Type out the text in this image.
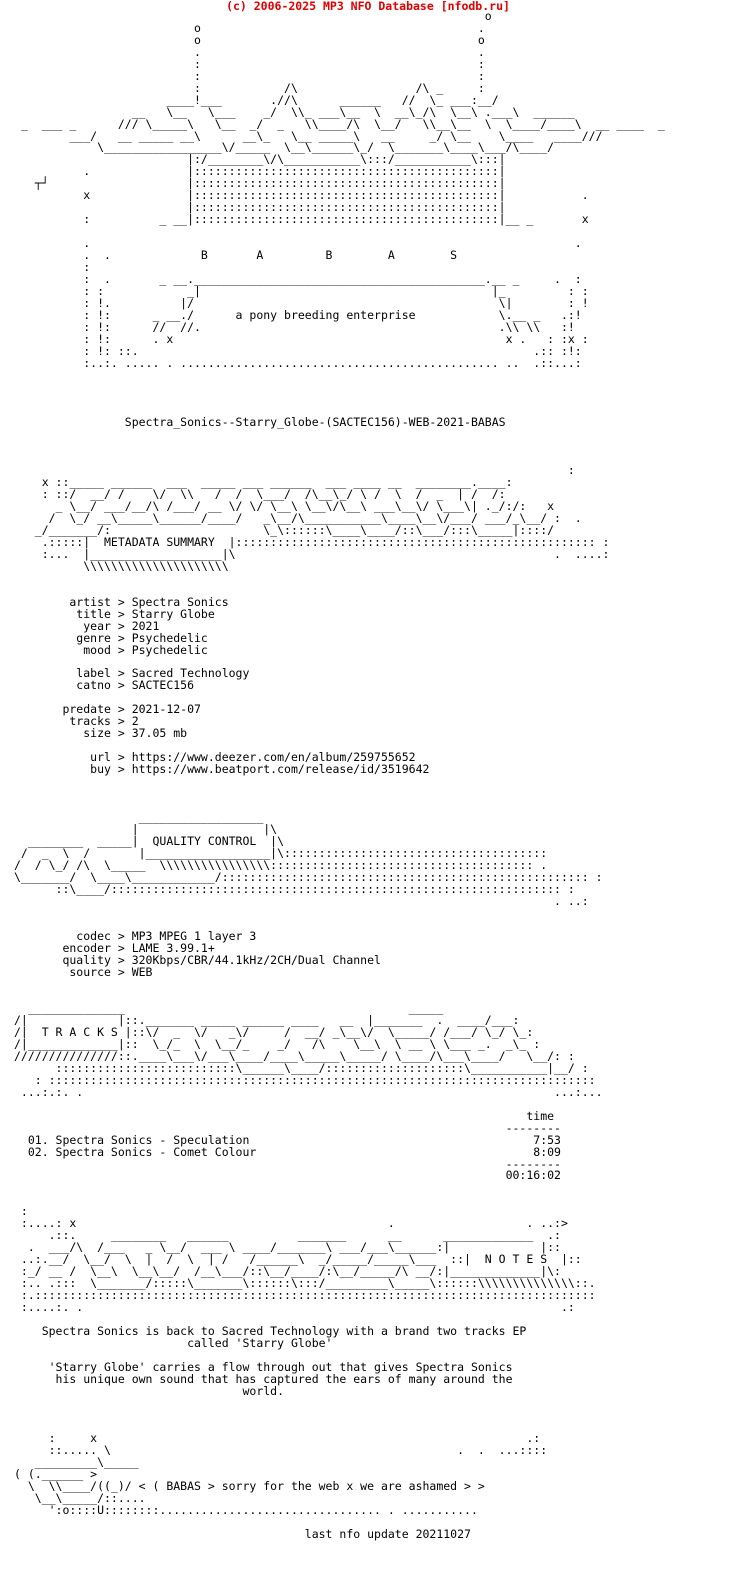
(c) 2006-2025 MP3 NFO Database [nfodb.ru]
o
o                                        .
o                                        o
.                                        .
:                                        :
:                                        :
:            /\                 /\ _     :
____!___       .//\      ______   //  \_ ___:__/
__   \__   \___    _/  \\_ ___\__  \  __\_/\  \__\ .___\  ______
_  ___ _      /// \_____\   \__  _/  _   \\____/\  \__/   \\__\__  \  \____/____\  __ ____  _
___/   __ _____ __\      __\_   \__ _____\   __     _/ \__    \____   ____///
\_________________\/_____  \__\______\_/  \_______\____\___/\____/
|:/________\/\___________\:::/___________\:::|
.              |::::::::::::::::::::::::::::::::::::::::::::|
┬┘                    |::::::::::::::::::::::::::::::::::::::::::::|
x              |::::::::::::::::::::::::::::::::::::::::::::|           .
|::::::::::::::::::::::::::::::::::::::::::::|
:          _ __|::::::::::::::::::::::::::::::::::::::::::::|__ _       x

.                                                                      .
.  .             B       A         B        A        S
:
:  .       _ __.__________________________________________.__ _     .  :
: :            _|                                          |_         : :
: !.          |/                                            \|        : !
: !:      _ __./      a pony breeding enterprise            \.__ _   .:!
: !:      //  //.                                           .\\ \\   :!
: !:      . x                                                x .   : :x :
: !: ::.                                                         .:: :!:
:..:. ..... . .............................................. ..  .::...:

Spectra_Sonics--Starry_Globe-(SACTEC156)-WEB-2021-BABAS

:
x ::_____ ______  ___  _____ ___ ______  ___ ____ __  ________.____:
: ::/  __/ /    \/  \\   /  /  \___/  /\__\_/ \ /  \  /  _  | /  /:
_ \__/ ___/__/\ /___/ __ \/ \/ \__\ \__\/\__\ ___\__\/ \___\| ._/:/:   x
/  \_/ __\_____\______/____/   _\__/\___________\____\__\/___/ ___/_\__/ :  .
_/_______/:                      \_\::::::\____\____/::\___/:::\_____|::::/
.:::::|  METADATA SUMMARY  |:::::::::::::::::::::::::::::::::::::::::::::::::::: :
:...  |___________________|\                                              .  ....:
\\\\\\\\\\\\\\\\\\\\\

artist > Spectra Sonics
title > Starry Globe
year > 2021
genre > Psychedelic
mood > Psychedelic

label > Sacred Technology
catno > SACTEC156

predate > 2021-12-07
tracks > 2
size > 37.05 mb

url > https://www.deezer.com/en/album/259755652
buy > https://www.beatport.com/release/id/3519642

__________________
|                  |\
________  _____|  QUALITY CONTROL  |\
/  _  \  /       |__________________|\::::::::::::::::::::::::::::::::::::::
/  / \_/ /\  \_____  \\\\\\\\\\\\\\\\:::::::::::::::::::::::::::::::::::::: .
\_______/  \____\____________/::::::::::::::::::::::::::::::::::::::::::::::::::::: :
::\____/::::::::::::::::::::::::::::::::::::::::::::::::::::::::::::::::: :
. ..:

codec > MP3 MPEG 1 layer 3
encoder > LAME 3.99.1+
quality > 320Kbps/CBR/44.1kHz/2CH/Dual Channel
source > WEB

______________                                         _____
/|             |::._______ _____ ______ ____   __  |_______  .  ____/___:
/|  T R A C K S |::\/  _  \/   _\/     /  __/ _\__\/  \_____/ /___/ \_/ \_:
/|_____________|::  \_/_  \  \__/_    _/   /\    \__\  \ __ \ \___ _.  _\_ :
///////////////::.____\___\/___\____/____\_____\_____/ \____/\___\____/   \__/: :
::::::::::::::::::::::::::\______\____/::::::::::::::::::::\___________|__/ :
: :::::::::::::::::::::::::::::::::::::::::::::::::::::::::::::::::::::::::::::::
...:.:. .                                                                    ...:...

time
--------
01. Spectra Sonics - Speculation                                         7:53
02. Spectra Sonics - Comet Colour                                        8:09
--------
00:16:02

:
:....: x                                             .                   . ..:>
.::.     ________   ______          _______      __      _____________  .:
.  ___/\  /___   _ \__/  ___ \ ____/_______\ ___/___\______:|             |::
..:.__/  \__/  \  |  /  \  | /   /______\  _/_____/_____\___  ::|  N O T E S  |::
:_/ __ /  \__\  \__\__/  /__\___/::\__/____/:\__/_____/\ __/:|_____________|\:
:.. .:::  \_______/:::::\_______\::::::\:::/_________\_____\::::::\\\\\\\\\\\\\\::.
:.:::::::::::::::::::::::::::::::::::::::::::::::::::::::::::::::::::::::::::::::::
:....:. .                                                                     .:

Spectra Sonics is back to Sacred Technology with a brand two tracks EP
called 'Starry Globe'

'Starry Globe' carries a flow through out that gives Spectra Sonics
his unique own sound that has captured the ears of many around the
world.

:     x                                                              .:
::..... \                                                  .  .  ...::::
_________\_____
( (.______ >
\  \\____/((_)/ < ( BABAS > sorry for the web x we are ashamed > >
\__\_____/::....
':o::::U::::::::................................ . ...........

last nfo update 20211027
